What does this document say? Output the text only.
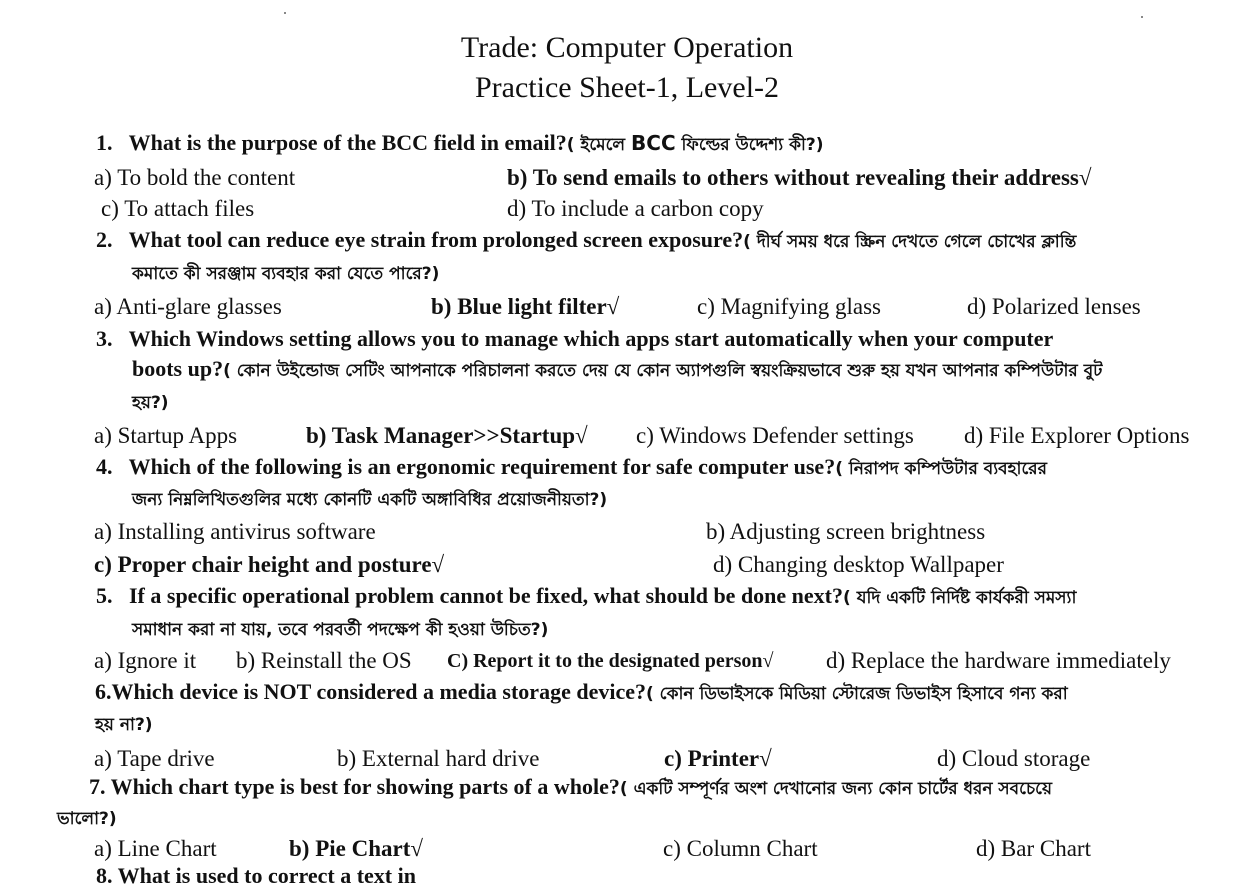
Trade: Computer Operation
Practice Sheet-1, Level-2
1. What is the purpose of the BCC field in email?( ইমেলে BCC ফিল্ডের উদ্দেশ্য কী?)
a) To bold the content	b) To send emails to others without revealing their address√
c) To attach files	d) To include a carbon copy
2. What tool can reduce eye strain from prolonged screen exposure?( দীর্ঘ সময় ধরে স্ক্রিন দেখতে গেলে চোখের ক্লান্তি
কমাতে কী সরঞ্জাম ব্যবহার করা যেতে পারে?)
a) Anti-glare glasses	b) Blue light filter√	c) Magnifying glass	d) Polarized lenses
3. Which Windows setting allows you to manage which apps start automatically when your computer
boots up?( কোন উইন্ডোজ সেটিং আপনাকে পরিচালনা করতে দেয় যে কোন অ্যাপগুলি স্বয়ংক্রিয়ভাবে শুরু হয় যখন আপনার কম্পিউটার বুট
হয়?)
a) Startup Apps	b) Task Manager>>Startup√ c) Windows Defender settings d) File Explorer Options
4. Which of the following is an ergonomic requirement for safe computer use?( নিরাপদ কম্পিউটার ব্যবহারের
জন্য নিম্নলিখিতগুলির মধ্যে কোনটি একটি অঙ্গাবিধির প্রয়োজনীয়তা?)
a) Installing antivirus software	b) Adjusting screen brightness
c) Proper chair height and posture√	d) Changing desktop Wallpaper
5. If a specific operational problem cannot be fixed, what should be done next?( যদি একটি নির্দিষ্ট কার্যকরী সমস্যা
সমাধান করা না যায়, তবে পরবর্তী পদক্ষেপ কী হওয়া উচিত?)
a) Ignore it b) Reinstall the OS C) Report it to the designated person√ d) Replace the hardware immediately
6.Which device is NOT considered a media storage device?( কোন ডিভাইসকে মিডিয়া স্টোরেজ ডিভাইস হিসাবে গন্য করা
হয় না?)
a) Tape drive	b) External hard drive	c) Printer√	d) Cloud storage
7. Which chart type is best for showing parts of a whole?( একটি সম্পূর্ণর অংশ দেখানোর জন্য কোন চার্টের ধরন সবচেয়ে
ভালো?)
a) Line Chart	b) Pie Chart√	c) Column Chart	d) Bar Chart
8. What is used to correct a text in
